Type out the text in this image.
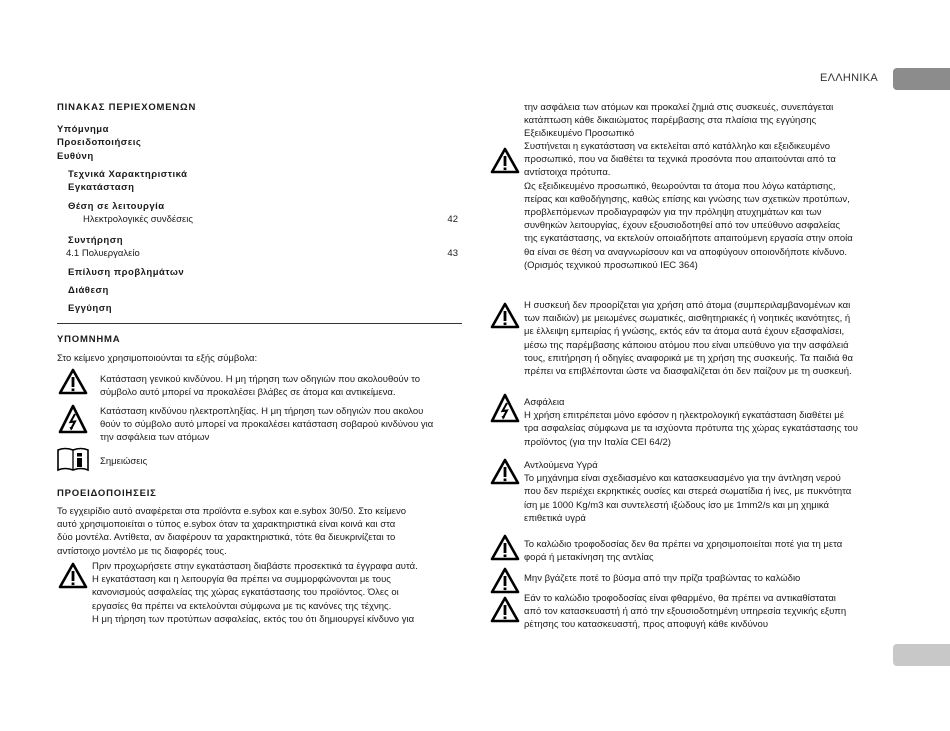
ΕΛΛΗΝΙΚΑ
ΠΙΝΑΚΑΣ ΠΕΡΙΕΧΟΜΕΝΩΝ
Υπόμνημα
Προειδοποιήσεις
Ευθύνη
Τεχνικά Χαρακτηριστικά
Εγκατάσταση
Θέση σε λειτουργία
Ηλεκτρολογικές συνδέσεις	42
Συντήρηση
4.1 Πολυεργαλείο	43
Επίλυση προβλημάτων
Διάθεση
Εγγύηση
ΥΠΟΜΝΗΜΑ
Στο κείμενο χρησιμοποιούνται τα εξής σύμβολα:
Κατάσταση γενικού κινδύνου. Η μη τήρηση των οδηγιών που ακολουθούν το
σύμβολο αυτό μπορεί να προκαλέσει βλάβες σε άτομα και αντικείμενα.
Κατάσταση κινδύνου ηλεκτροπληξίας. Η μη τήρηση των οδηγιών που ακολου
θούν το σύμβολο αυτό μπορεί να προκαλέσει κατάσταση σοβαρού κινδύνου για
την ασφάλεια των ατόμων
Σημειώσεις
ΠΡΟΕΙΔΟΠΟΙΗΣΕΙΣ
Το εγχειρίδιο αυτό αναφέρεται στα προϊόντα e.sybox και e.sybox 30/50. Στο κείμενο
αυτό χρησιμοποιείται ο τύπος e.sybox όταν τα χαρακτηριστικά είναι κοινά και στα
δύο μοντέλα. Αντίθετα, αν διαφέρουν τα χαρακτηριστικά, τότε θα διευκρινίζεται το
αντίστοιχο μοντέλο με τις διαφορές τους.
Πριν προχωρήσετε στην εγκατάσταση διαβάστε προσεκτικά τα έγγραφα αυτά.
Η εγκατάσταση και η λειτουργία θα πρέπει να συμμορφώνονται με τους
κανονισμούς ασφαλείας της χώρας εγκατάστασης του προϊόντος. Όλες οι
εργασίες θα πρέπει να εκτελούνται σύμφωνα με τις κανόνες της τέχνης.
Η μη τήρηση των προτύπων ασφαλείας, εκτός του ότι δημιουργεί κίνδυνο για
την ασφάλεια των ατόμων και προκαλεί ζημιά στις συσκευές, συνεπάγεται
κατάπτωση κάθε δικαιώματος παρέμβασης στα πλαίσια της εγγύησης
Εξειδικευμένο Προσωπικό
Συστήνεται η εγκατάσταση να εκτελείται από κατάλληλο και εξειδικευμένο
προσωπικό, που να διαθέτει τα τεχνικά προσόντα που απαιτούνται από τα
αντίστοιχα πρότυπα.
Ως εξειδικευμένο προσωπικό, θεωρούνται τα άτομα που λόγω κατάρτισης,
πείρας και καθοδήγησης, καθώς επίσης και γνώσης των σχετικών προτύπων,
προβλεπόμενων προδιαγραφών για την πρόληψη ατυχημάτων και των
συνθηκών λειτουργίας, έχουν εξουσιοδοτηθεί από τον υπεύθυνο ασφαλείας
της εγκατάστασης, να εκτελούν οποιαδήποτε απαιτούμενη εργασία στην οποία
θα είναι σε θέση να αναγνωρίσουν και να αποφύγουν οποιονδήποτε κίνδυνο.
(Ορισμός τεχνικού προσωπικού IEC 364)
Η συσκευή δεν προορίζεται για χρήση από άτομα (συμπεριλαμβανομένων και
των παιδιών) με μειωμένες σωματικές, αισθητηριακές ή νοητικές ικανότητες, ή
με έλλειψη εμπειρίας ή γνώσης, εκτός εάν τα άτομα αυτά έχουν εξασφαλίσει,
μέσω της παρέμβασης κάποιου ατόμου που είναι υπεύθυνο για την ασφάλειά
τους, επιτήρηση ή οδηγίες αναφορικά με τη χρήση της συσκευής. Τα παιδιά θα
πρέπει να επιβλέπονται ώστε να διασφαλίζεται ότι δεν παίζουν με τη συσκευή.
Ασφάλεια
Η χρήση επιτρέπεται μόνο εφόσον η ηλεκτρολογική εγκατάσταση διαθέτει μέ
τρα ασφαλείας σύμφωνα με τα ισχύοντα πρότυπα της χώρας εγκατάστασης του
προϊόντος (για την Ιταλία CEI 64/2)
Αντλούμενα Υγρά
Το μηχάνημα είναι σχεδιασμένο και κατασκευασμένο για την άντληση νερού
που δεν περιέχει εκρηκτικές ουσίες και στερεά σωματίδια ή ίνες, με πυκνότητα
ίση με 1000 Kg/m3 και συντελεστή ιξώδους ίσο με 1mm2/s και μη χημικά
επιθετικά υγρά
Το καλώδιο τροφοδοσίας δεν θα πρέπει να χρησιμοποιείται ποτέ για τη μετα
φορά ή μετακίνηση της αντλίας
Μην βγάζετε ποτέ το βύσμα από την πρίζα τραβώντας το καλώδιο
Εάν το καλώδιο τροφοδοσίας είναι φθαρμένο, θα πρέπει να αντικαθίσταται
από τον κατασκευαστή ή από την εξουσιοδοτημένη υπηρεσία τεχνικής εξυπη
ρέτησης του κατασκευαστή, προς αποφυγή κάθε κινδύνου
